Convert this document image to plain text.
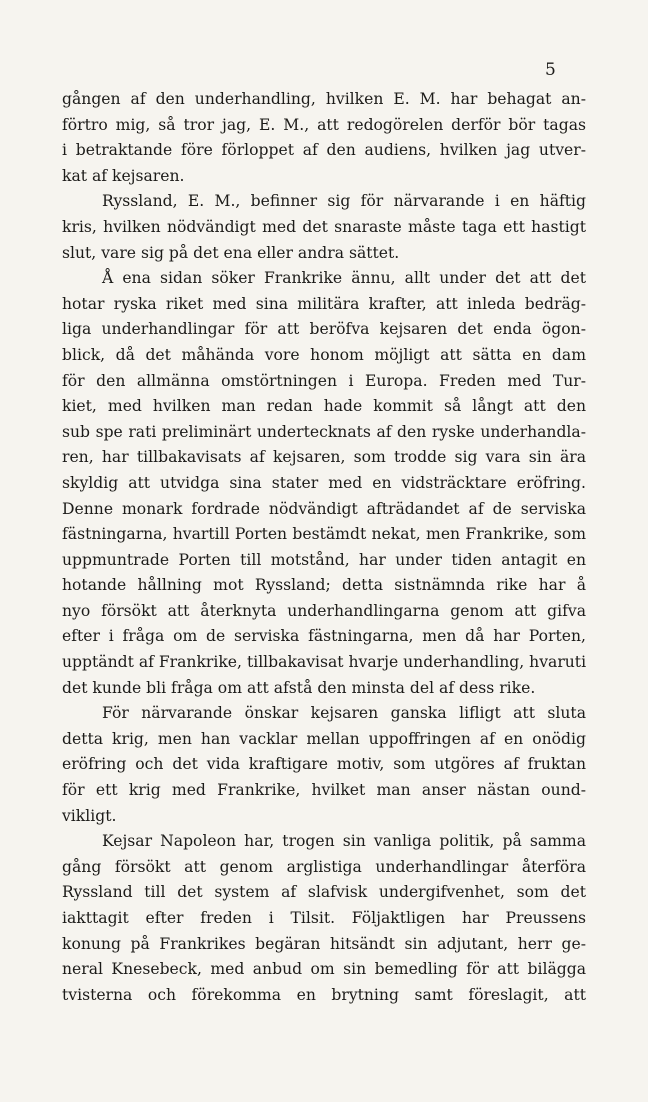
5
gången af den underhandling, hvilken E. M. har behagat an-
förtro mig, så tror jag, E. M., att redogörelen derför bör tagas
i betraktande före förloppet af den audiens, hvilken jag utver-
kat af kejsaren.
Ryssland, E. M., befinner sig för närvarande i en häftig
kris, hvilken nödvändigt med det snaraste måste taga ett hastigt
slut, vare sig på det ena eller andra sättet.
Å ena sidan söker Frankrike ännu, allt under det att det
hotar ryska riket med sina militära krafter, att inleda bedräg-
liga underhandlingar för att beröfva kejsaren det enda ögon-
blick, då det måhända vore honom möjligt att sätta en dam
för den allmänna omstörtningen i Europa. Freden med Tur-
kiet, med hvilken man redan hade kommit så långt att den
sub spe rati preliminärt undertecknats af den ryske underhandla-
ren, har tillbakavisats af kejsaren, som trodde sig vara sin ära
skyldig att utvidga sina stater med en vidsträcktare eröfring.
Denne monark fordrade nödvändigt afträdandet af de serviska
fästningarna, hvartill Porten bestämdt nekat, men Frankrike, som
uppmuntrade Porten till motstånd, har under tiden antagit en
hotande hållning mot Ryssland; detta sistnämnda rike har å
nyo försökt att återknyta underhandlingarna genom att gifva
efter i fråga om de serviska fästningarna, men då har Porten,
upptändt af Frankrike, tillbakavisat hvarje underhandling, hvaruti
det kunde bli fråga om att afstå den minsta del af dess rike.
För närvarande önskar kejsaren ganska lifligt att sluta
detta krig, men han vacklar mellan uppoffringen af en onödig
eröfring och det vida kraftigare motiv, som utgöres af fruktan
för ett krig med Frankrike, hvilket man anser nästan ound-
vikligt.
Kejsar Napoleon har, trogen sin vanliga politik, på samma
gång försökt att genom arglistiga underhandlingar återföra
Ryssland till det system af slafvisk undergifvenhet, som det
iakttagit efter freden i Tilsit. Följaktligen har Preussens
konung på Frankrikes begäran hitsändt sin adjutant, herr ge-
neral Knesebeck, med anbud om sin bemedling för att bilägga
tvisterna och förekomma en brytning samt föreslagit, att
